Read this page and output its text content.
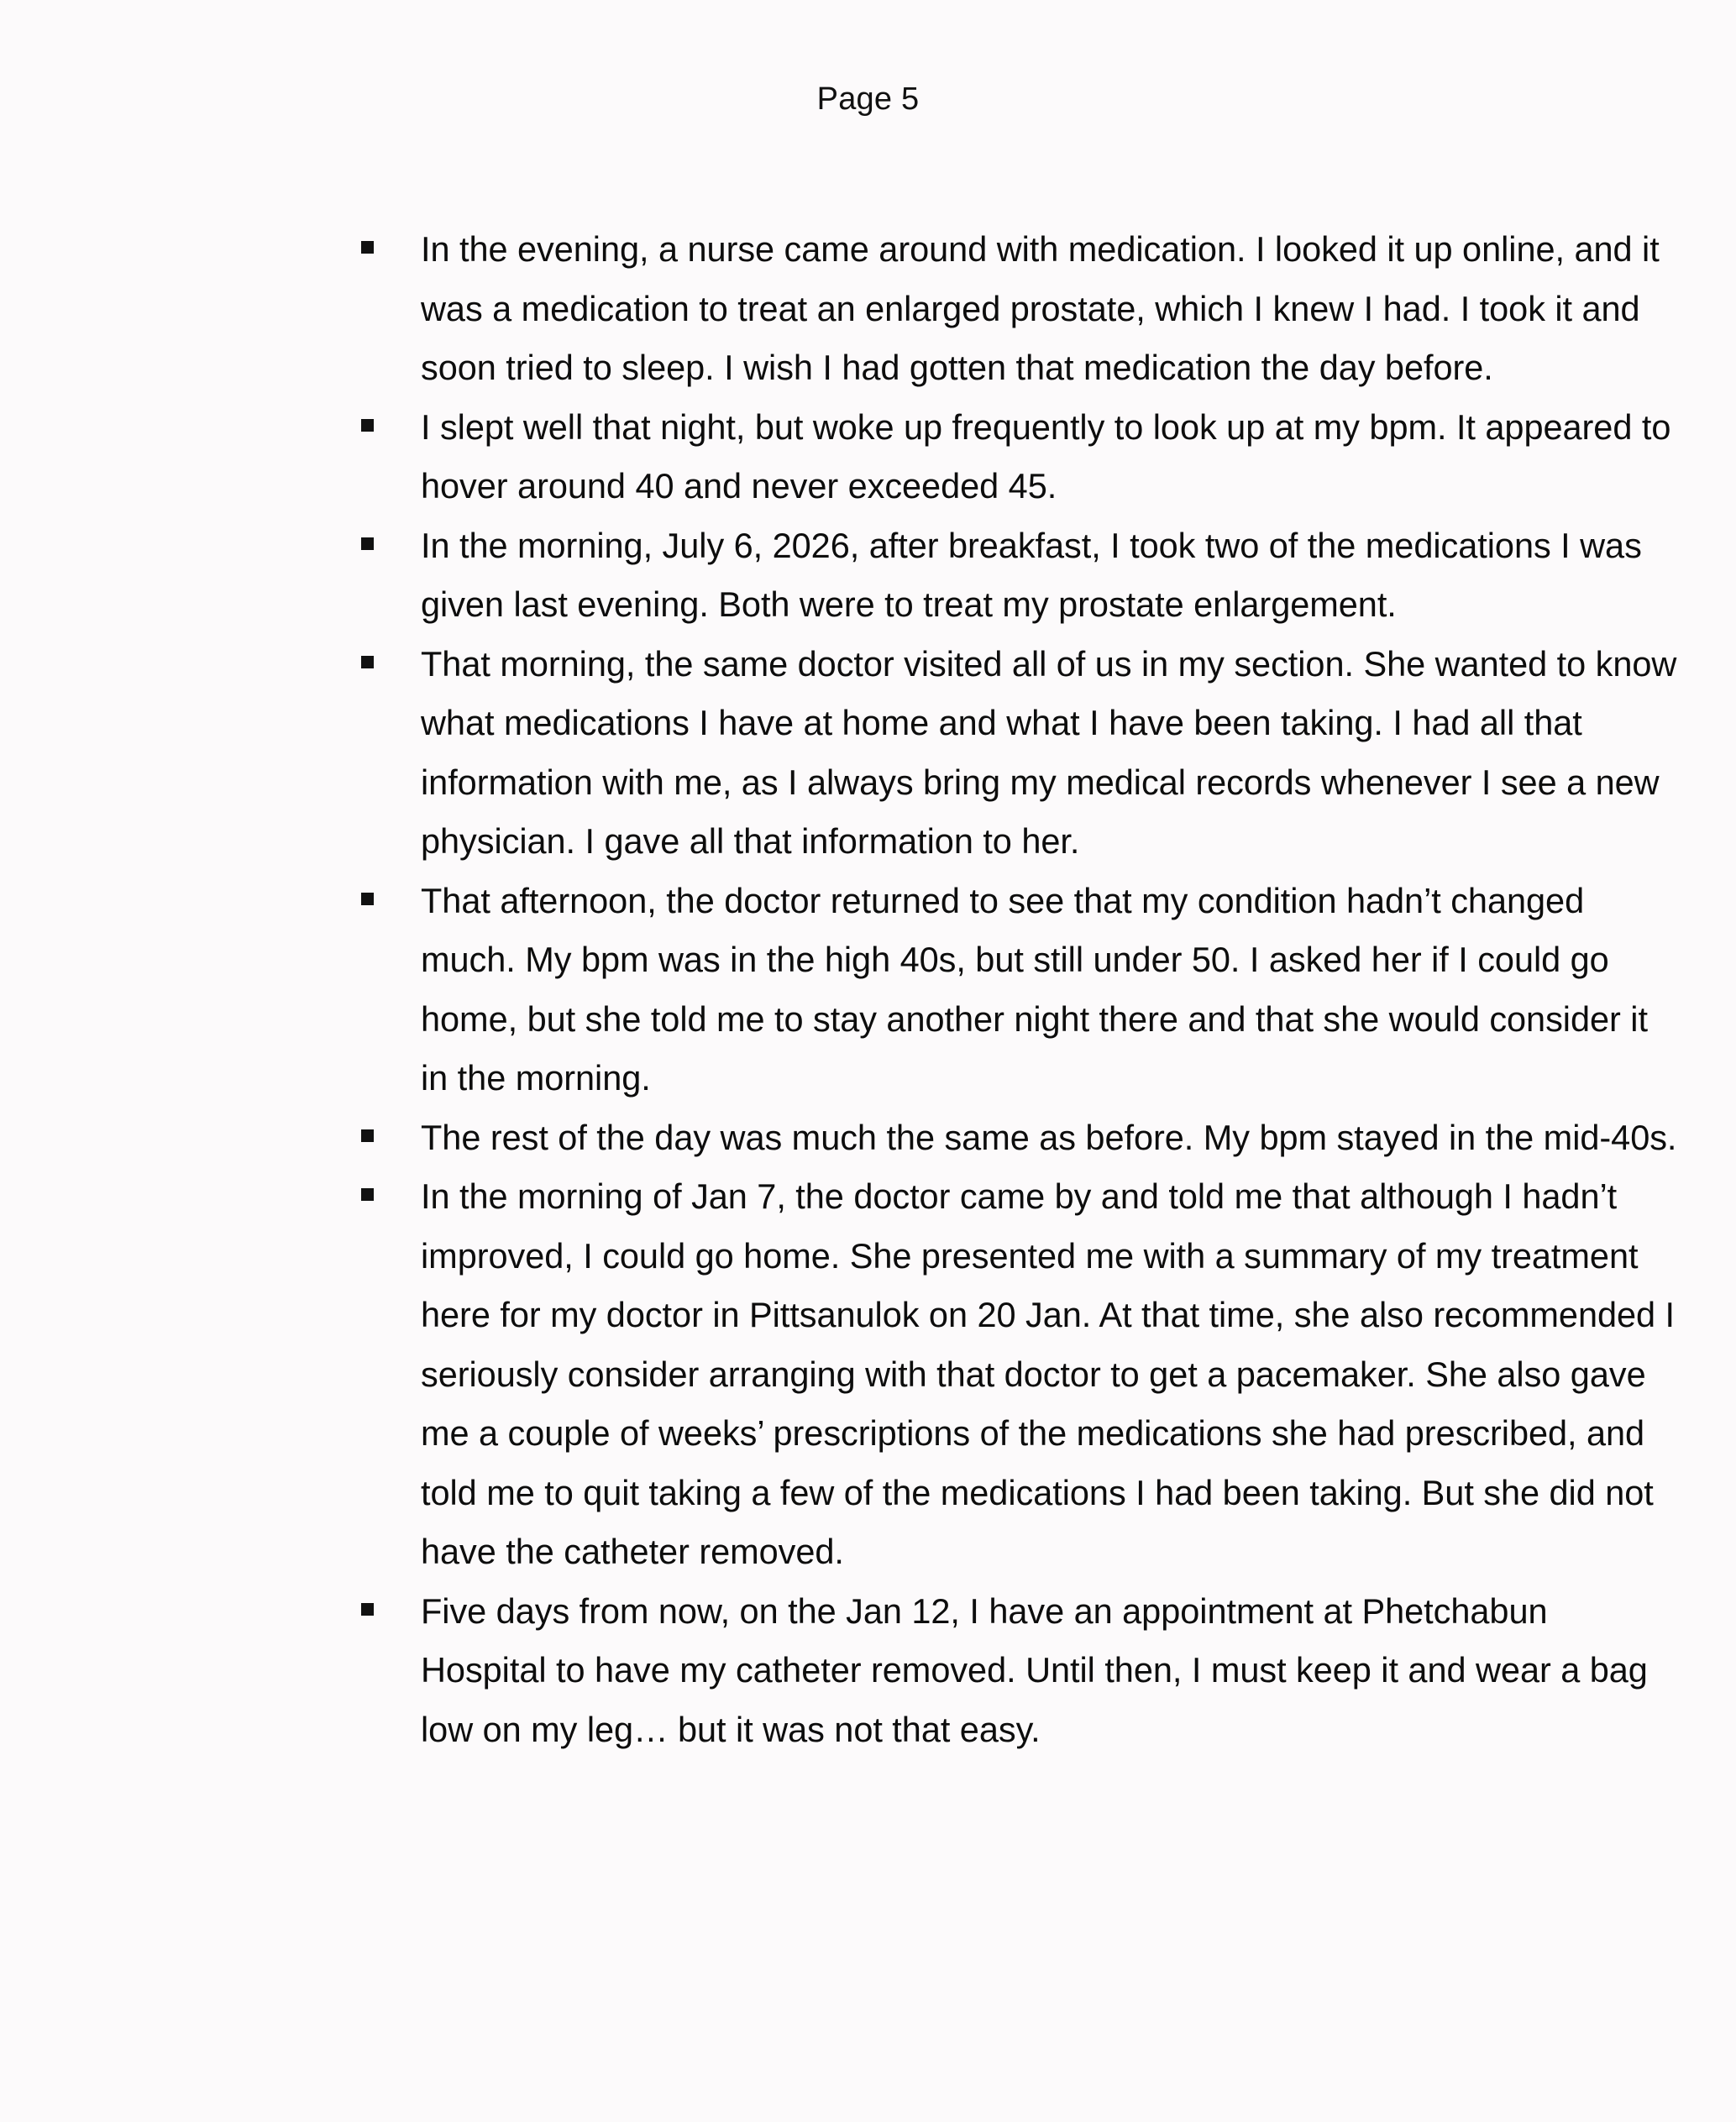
Page 5
In the evening, a nurse came around with medication. I looked it up online, and it was a medication to treat an enlarged prostate, which I knew I had. I took it and soon tried to sleep. I wish I had gotten that medication the day before.
I slept well that night, but woke up frequently to look up at my bpm. It appeared to hover around 40 and never exceeded 45.
In the morning, July 6, 2026, after breakfast, I took two of the medications I was given last evening. Both were to treat my prostate enlargement.
That morning, the same doctor visited all of us in my section. She wanted to know what medications I have at home and what I have been taking. I had all that information with me, as I always bring my medical records whenever I see a new physician. I gave all that information to her.
That afternoon, the doctor returned to see that my condition hadn’t changed much. My bpm was in the high 40s, but still under 50. I asked her if I could go home, but she told me to stay another night there and that she would consider it in the morning.
The rest of the day was much the same as before. My bpm stayed in the mid-40s.
In the morning of Jan 7, the doctor came by and told me that although I hadn’t improved, I could go home. She presented me with a summary of my treatment here for my doctor in Pittsanulok on 20 Jan. At that time, she also recommended I seriously consider arranging with that doctor to get a pacemaker. She also gave me a couple of weeks’ prescriptions of the medications she had prescribed, and told me to quit taking a few of the medications I had been taking. But she did not have the catheter removed.
Five days from now, on the Jan 12, I have an appointment at Phetchabun Hospital to have my catheter removed. Until then, I must keep it and wear a bag low on my leg… but it was not that easy.
